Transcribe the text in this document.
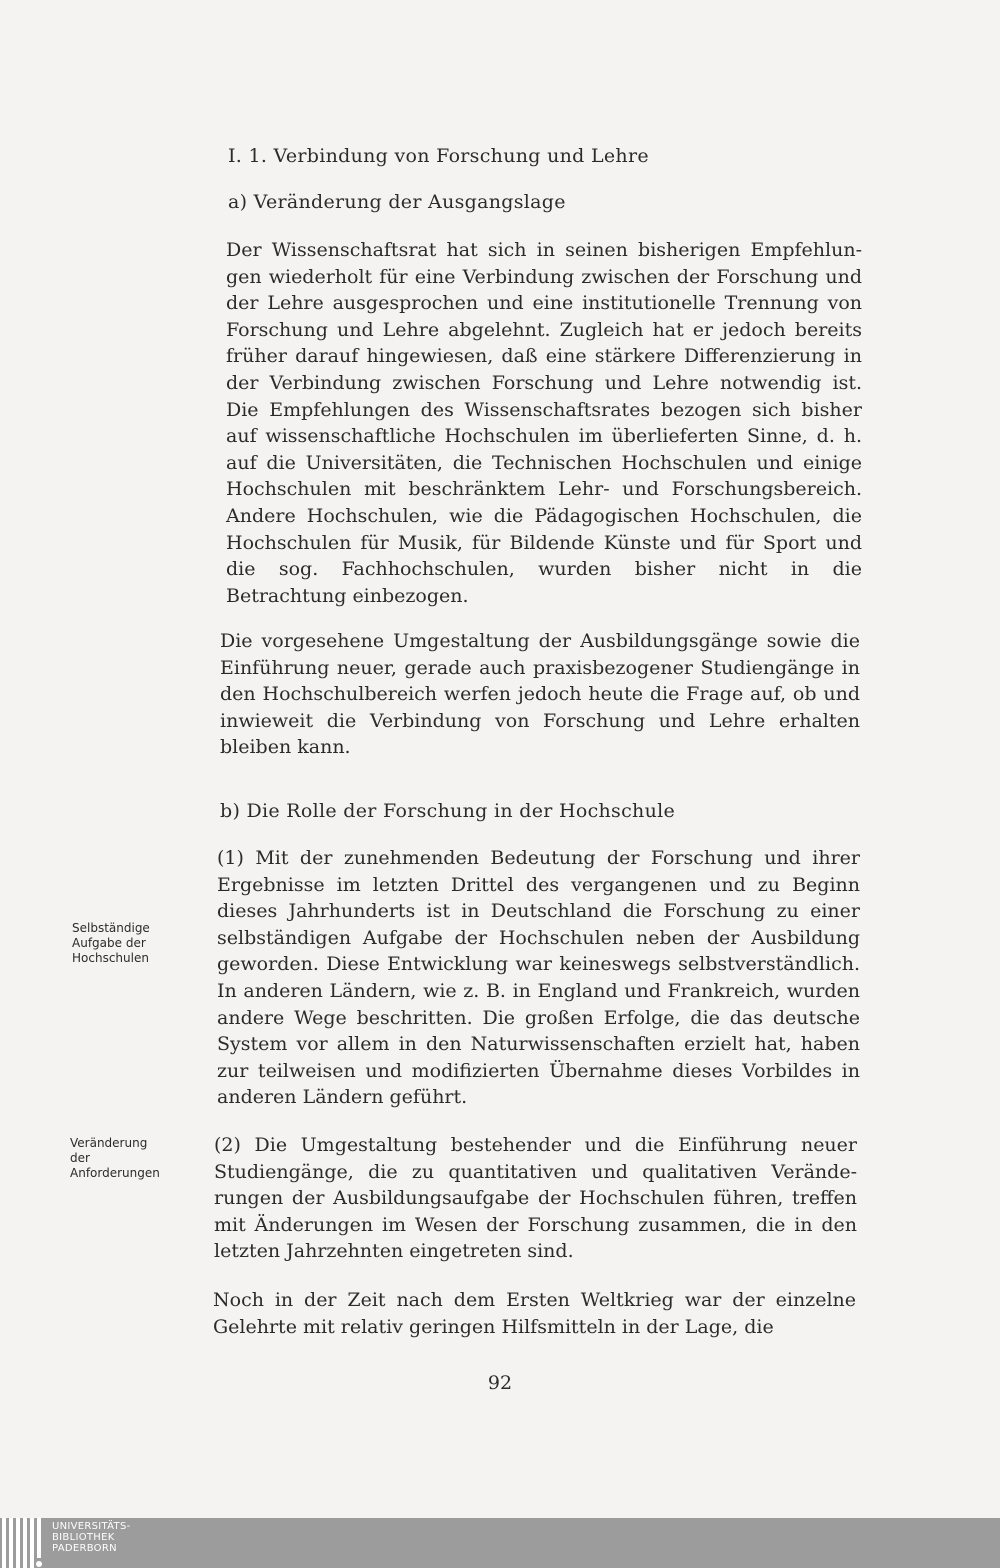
I. 1. Verbindung von Forschung und Lehre
a) Veränderung der Ausgangslage

Der Wissenschaftsrat hat sich in seinen bisherigen Empfehlungen wiederholt für eine Verbindung zwischen der Forschung und der Lehre ausgesprochen und eine institutionelle Trennung von Forschung und Lehre abgelehnt. Zugleich hat er jedoch bereits früher darauf hingewiesen, daß eine stärkere Differenzierung in der Verbindung zwischen Forschung und Lehre notwendig ist. Die Empfehlungen des Wissenschaftsrates bezogen sich bisher auf wissenschaftliche Hochschulen im überlieferten Sinne, d. h. auf die Universitäten, die Technischen Hochschulen und einige Hochschulen mit beschränktem Lehr- und Forschungsbereich. Andere Hochschulen, wie die Pädagogischen Hochschulen, die Hochschulen für Musik, für Bildende Künste und für Sport und die sog. Fachhochschulen, wurden bisher nicht in die Betrachtung einbezogen.

Die vorgesehene Umgestaltung der Ausbildungsgänge sowie die Einführung neuer, gerade auch praxisbezogener Studiengänge in den Hochschulbereich werfen jedoch heute die Frage auf, ob und inwieweit die Verbindung von Forschung und Lehre erhalten bleiben kann.

b) Die Rolle der Forschung in der Hochschule

(1) Mit der zunehmenden Bedeutung der Forschung und ihrer Ergebnisse im letzten Drittel des vergangenen und zu Beginn dieses Jahrhunderts ist in Deutschland die Forschung zu einer selbständigen Aufgabe der Hochschulen neben der Ausbildung geworden. Diese Entwicklung war keineswegs selbstverständlich. In anderen Ländern, wie z. B. in England und Frankreich, wurden andere Wege beschritten. Die großen Erfolge, die das deutsche System vor allem in den Naturwissenschaften erzielt hat, haben zur teilweisen und modifizierten Übernahme dieses Vorbildes in anderen Ländern geführt.

(2) Die Umgestaltung bestehender und die Einführung neuer Studiengänge, die zu quantitativen und qualitativen Veränderungen der Ausbildungsaufgabe der Hochschulen führen, treffen mit Änderungen im Wesen der Forschung zusammen, die in den letzten Jahrzehnten eingetreten sind.

Noch in der Zeit nach dem Ersten Weltkrieg war der einzelne Gelehrte mit relativ geringen Hilfsmitteln in der Lage, die

Selbständige
Aufgabe der
Hochschulen
Veränderung
der
Anforderungen
92
UNIVERSITÄTS-
BIBLIOTHEK
PADERBORN
